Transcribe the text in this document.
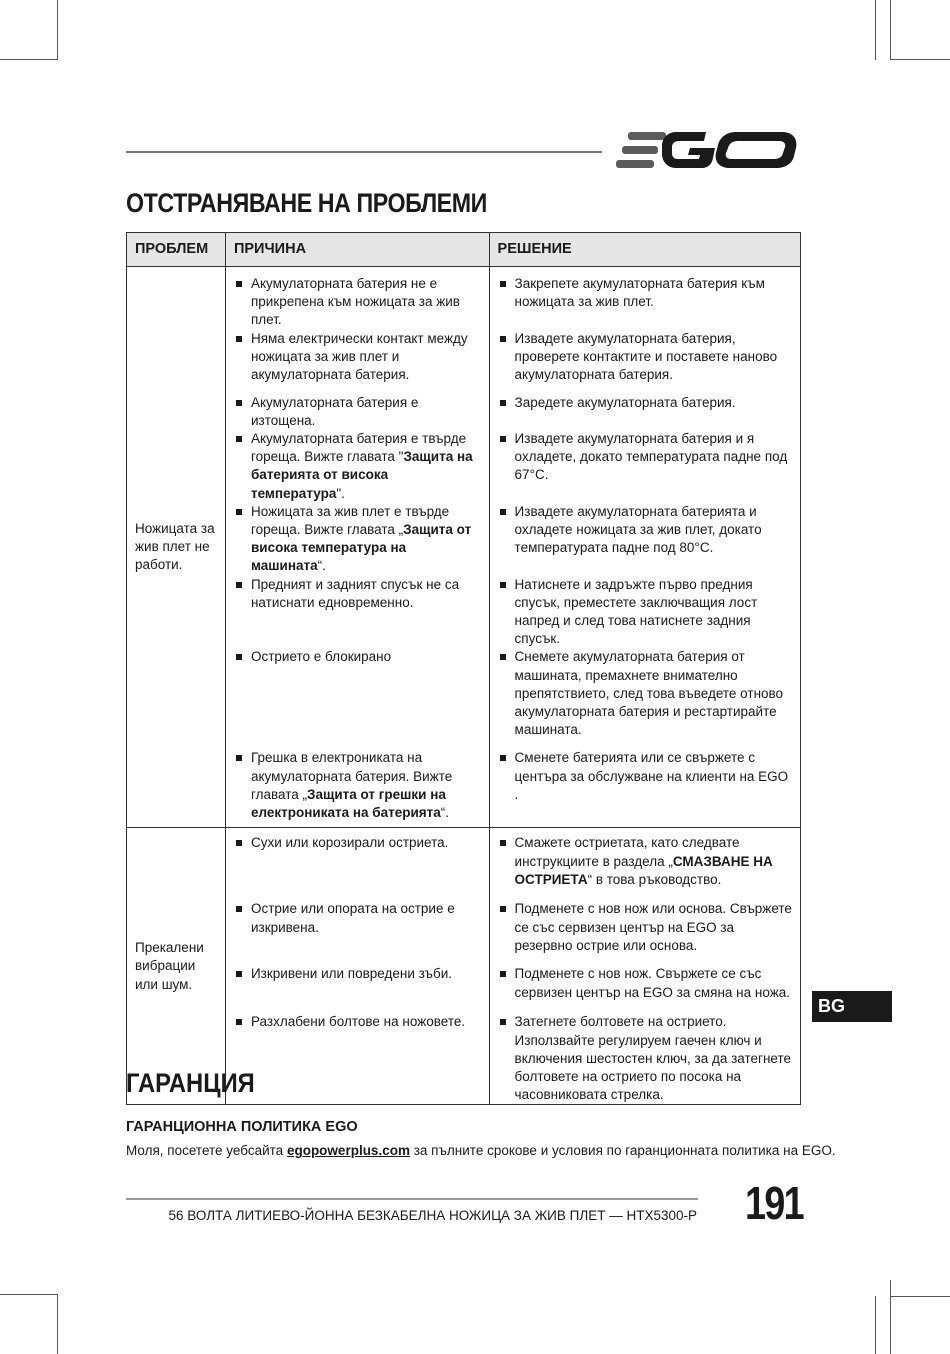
ОТСТРАНЯВАНЕ НА ПРОБЛЕМИ
ПРОБЛЕМ	ПРИЧИНА	РЕШЕНИЕ
Ножицата за жив плет не работи.	Акумулаторната батерия не е прикрепена към ножицата за жив плет.	Закрепете акумулаторната батерия към ножицата за жив плет.

	Няма електрически контакт между ножицата за жив плет и акумулаторната батерия.	Извадете акумулаторната батерия, проверете контактите и поставете наново акумулаторната батерия.

	Акумулаторната батерия е изтощена.	Заредете акумулаторната батерия.

	Акумулаторната батерия е твърде гореща. Вижте главата "Защита на батерията от висока температура".	Извадете акумулаторната батерия и я охладете, докато температурата падне под 67°C.

	Ножицата за жив плет е твърде гореща. Вижте главата „Защита от висока температура на машината“.	Извадете акумулаторната батерията и охладете ножицата за жив плет, докато температурата падне под 80°C.

	Предният и задният спусък не са натиснати едновременно.	Натиснете и задръжте първо предния спусък, преместете заключващия лост напред и след това натиснете задния спусък.

	Острието е блокирано	Снемете акумулаторната батерия от машината, премахнете внимателно препятствието, след това въведете отново акумулаторната батерия и рестартирайте машината.

	Грешка в електрониката на акумулаторната батерия. Вижте главата „Защита от грешки на електрониката на батерията“.	Сменете батерията или се свържете с центъра за обслужване на клиенти на EGO .

Прекалени вибрации или шум.	Сухи или корозирали остриета.	Смажете остриетата, като следвате инструкциите в раздела „СМАЗВАНЕ НА ОСТРИЕТА“ в това ръководство.

	Острие или опората на острие е изкривена.	Подменете с нов нож или основа. Свържете се със сервизен център на EGO за резервно острие или основа.

	Изкривени или повредени зъби.	Подменете с нов нож. Свържете се със сервизен център на EGO за смяна на ножа.

	Разхлабени болтове на ножовете.	Затегнете болтовете на острието. Използвайте регулируем гаечен ключ и включения шестостен ключ, за да затегнете болтовете на острието по посока на часовниковата стрелка.
BG
ГАРАНЦИЯ
ГАРАНЦИОННА ПОЛИТИКА EGO
Моля, посетете уебсайта egopowerplus.com за пълните срокове и условия по гаранционната политика на EGO.
56 ВОЛТА ЛИТИЕВО-ЙОННА БЕЗКАБЕЛНА НОЖИЦА ЗА ЖИВ ПЛЕТ — HTX5300-P 191
